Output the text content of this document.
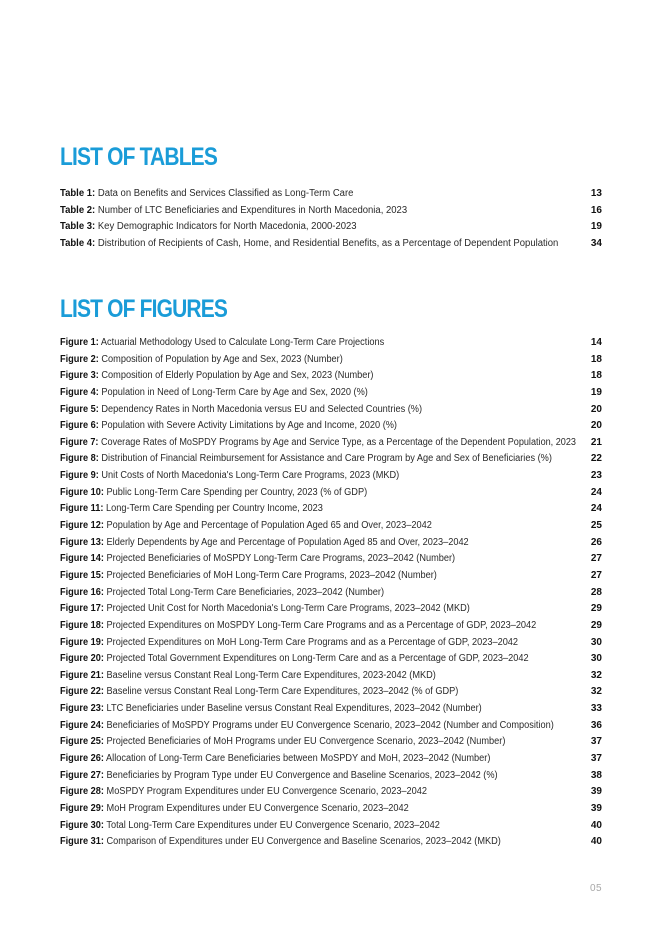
LIST OF TABLES
Table 1: Data on Benefits and Services Classified as Long-Term Care	13
Table 2: Number of LTC Beneficiaries and Expenditures in North Macedonia, 2023	16
Table 3: Key Demographic Indicators for North Macedonia, 2000-2023	19
Table 4: Distribution of Recipients of Cash, Home, and Residential Benefits, as a Percentage of Dependent Population	34
LIST OF FIGURES
Figure 1: Actuarial Methodology Used to Calculate Long-Term Care Projections	14
Figure 2: Composition of Population by Age and Sex, 2023 (Number)	18
Figure 3: Composition of Elderly Population by Age and Sex, 2023 (Number)	18
Figure 4: Population in Need of Long-Term Care by Age and Sex, 2020 (%)	19
Figure 5: Dependency Rates in North Macedonia versus EU and Selected Countries (%)	20
Figure 6: Population with Severe Activity Limitations by Age and Income, 2020 (%)	20
Figure 7: Coverage Rates of MoSPDY Programs by Age and Service Type, as a Percentage of the Dependent Population, 2023 21
Figure 8: Distribution of Financial Reimbursement for Assistance and Care Program by Age and Sex of Beneficiaries (%)	22
Figure 9: Unit Costs of North Macedonia's Long-Term Care Programs, 2023 (MKD)	23
Figure 10: Public Long-Term Care Spending per Country, 2023 (% of GDP)	24
Figure 11: Long-Term Care Spending per Country Income, 2023	24
Figure 12: Population by Age and Percentage of Population Aged 65 and Over, 2023–2042	25
Figure 13: Elderly Dependents by Age and Percentage of Population Aged 85 and Over, 2023–2042	26
Figure 14: Projected Beneficiaries of MoSPDY Long-Term Care Programs, 2023–2042 (Number)	27
Figure 15: Projected Beneficiaries of MoH Long-Term Care Programs, 2023–2042 (Number)	27
Figure 16: Projected Total Long-Term Care Beneficiaries, 2023–2042 (Number)	28
Figure 17: Projected Unit Cost for North Macedonia's Long-Term Care Programs, 2023–2042 (MKD)	29
Figure 18: Projected Expenditures on MoSPDY Long-Term Care Programs and as a Percentage of GDP, 2023–2042	29
Figure 19: Projected Expenditures on MoH Long-Term Care Programs and as a Percentage of GDP, 2023–2042	30
Figure 20: Projected Total Government Expenditures on Long-Term Care and as a Percentage of GDP, 2023–2042	30
Figure 21: Baseline versus Constant Real Long-Term Care Expenditures, 2023-2042 (MKD)	32
Figure 22: Baseline versus Constant Real Long-Term Care Expenditures, 2023–2042 (% of GDP)	32
Figure 23: LTC Beneficiaries under Baseline versus Constant Real Expenditures, 2023–2042 (Number)	33
Figure 24: Beneficiaries of MoSPDY Programs under EU Convergence Scenario, 2023–2042 (Number and Composition)	36
Figure 25: Projected Beneficiaries of MoH Programs under EU Convergence Scenario, 2023–2042 (Number)	37
Figure 26: Allocation of Long-Term Care Beneficiaries between MoSPDY and MoH, 2023–2042 (Number)	37
Figure 27: Beneficiaries by Program Type under EU Convergence and Baseline Scenarios, 2023–2042 (%)	38
Figure 28: MoSPDY Program Expenditures under EU Convergence Scenario, 2023–2042	39
Figure 29: MoH Program Expenditures under EU Convergence Scenario, 2023–2042	39
Figure 30: Total Long-Term Care Expenditures under EU Convergence Scenario, 2023–2042	40
Figure 31: Comparison of Expenditures under EU Convergence and Baseline Scenarios, 2023–2042 (MKD)	40
05
